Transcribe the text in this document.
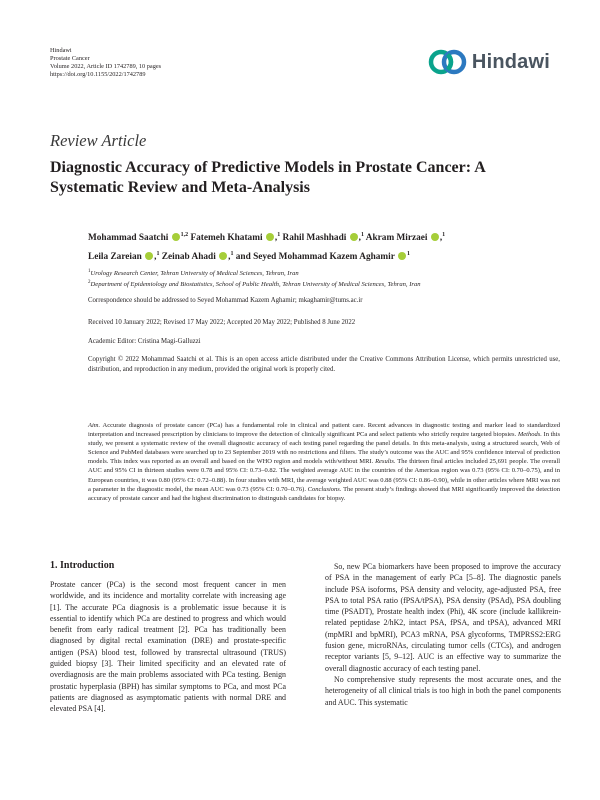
Hindawi
Prostate Cancer
Volume 2022, Article ID 1742789, 10 pages
https://doi.org/10.1155/2022/1742789
Hindawi
Review Article
Diagnostic Accuracy of Predictive Models in Prostate Cancer: A Systematic Review and Meta-Analysis
Mohammad Saatchi $^{1,2}$ Fatemeh Khatami ,$^1$ Rahil Mashhadi ,$^1$ Akram Mirzaei ,$^1$
Leila Zareian ,$^1$ Zeinab Ahadi ,$^1$ and Seyed Mohammad Kazem Aghamir $^1$
$^1$Urology Research Center, Tehran University of Medical Sciences, Tehran, Iran
$^2$Department of Epidemiology and Biostatistics, School of Public Health, Tehran University of Medical Sciences, Tehran, Iran
Correspondence should be addressed to Seyed Mohammad Kazem Aghamir; mkaghamir@tums.ac.ir
Received 10 January 2022; Revised 17 May 2022; Accepted 20 May 2022; Published 8 June 2022
Academic Editor: Cristina Magi-Galluzzi
Copyright © 2022 Mohammad Saatchi et al. This is an open access article distributed under the Creative Commons Attribution License, which permits unrestricted use, distribution, and reproduction in any medium, provided the original work is properly cited.
Aim. Accurate diagnosis of prostate cancer (PCa) has a fundamental role in clinical and patient care. Recent advances in diagnostic testing and marker lead to standardized interpretation and increased prescription by clinicians to improve the detection of clinically significant PCa and select patients who strictly require targeted biopsies. Methods. In this study, we present a systematic review of the overall diagnostic accuracy of each testing panel regarding the panel details. In this meta-analysis, using a structured search, Web of Science and PubMed databases were searched up to 23 September 2019 with no restrictions and filters. The study’s outcome was the AUC and 95% confidence interval of prediction models. This index was reported as an overall and based on the WHO region and models with/without MRI. Results. The thirteen final articles included 25,691 people. The overall AUC and 95% CI in thirteen studies were 0.78 and 95% CI: 0.73–0.82. The weighted average AUC in the countries of the Americas region was 0.73 (95% CI: 0.70–0.75), and in European countries, it was 0.80 (95% CI: 0.72–0.88). In four studies with MRI, the average weighted AUC was 0.88 (95% CI: 0.86–0.90), while in other articles where MRI was not a parameter in the diagnostic model, the mean AUC was 0.73 (95% CI: 0.70–0.76). Conclusions. The present study’s findings showed that MRI significantly improved the detection accuracy of prostate cancer and had the highest discrimination to distinguish candidates for biopsy.
1. Introduction

Prostate cancer (PCa) is the second most frequent cancer in men worldwide, and its incidence and mortality correlate with increasing age [1]. The accurate PCa diagnosis is a problematic issue because it is essential to identify which PCa are destined to progress and which would benefit from early radical treatment [2]. PCa has traditionally been diagnosed by digital rectal examination (DRE) and prostate-specific antigen (PSA) blood test, followed by transrectal ultrasound (TRUS) guided biopsy [3]. Their limited specificity and an elevated rate of overdiagnosis are the main problems associated with PCa testing. Benign prostatic hyperplasia (BPH) has similar symptoms to PCa, and most PCa patients are diagnosed as asymptomatic patients with normal DRE and elevated PSA [4].

So, new PCa biomarkers have been proposed to improve the accuracy of PSA in the management of early PCa [5–8]. The diagnostic panels include PSA isoforms, PSA density and velocity, age-adjusted PSA, free PSA to total PSA ratio (fPSA/tPSA), PSA density (PSAd), PSA doubling time (PSADT), Prostate health index (Phi), 4K score (include kallikrein-related peptidase 2/hK2, intact PSA, fPSA, and tPSA), advanced MRI (mpMRI and bpMRI), PCA3 mRNA, PSA glycoforms, TMPRSS2:ERG fusion gene, microRNAs, circulating tumor cells (CTCs), and androgen receptor variants [5, 9–12]. AUC is an effective way to summarize the overall diagnostic accuracy of each testing panel.

No comprehensive study represents the most accurate ones, and the heterogeneity of all clinical trials is too high in both the panel components and AUC. This systematic
